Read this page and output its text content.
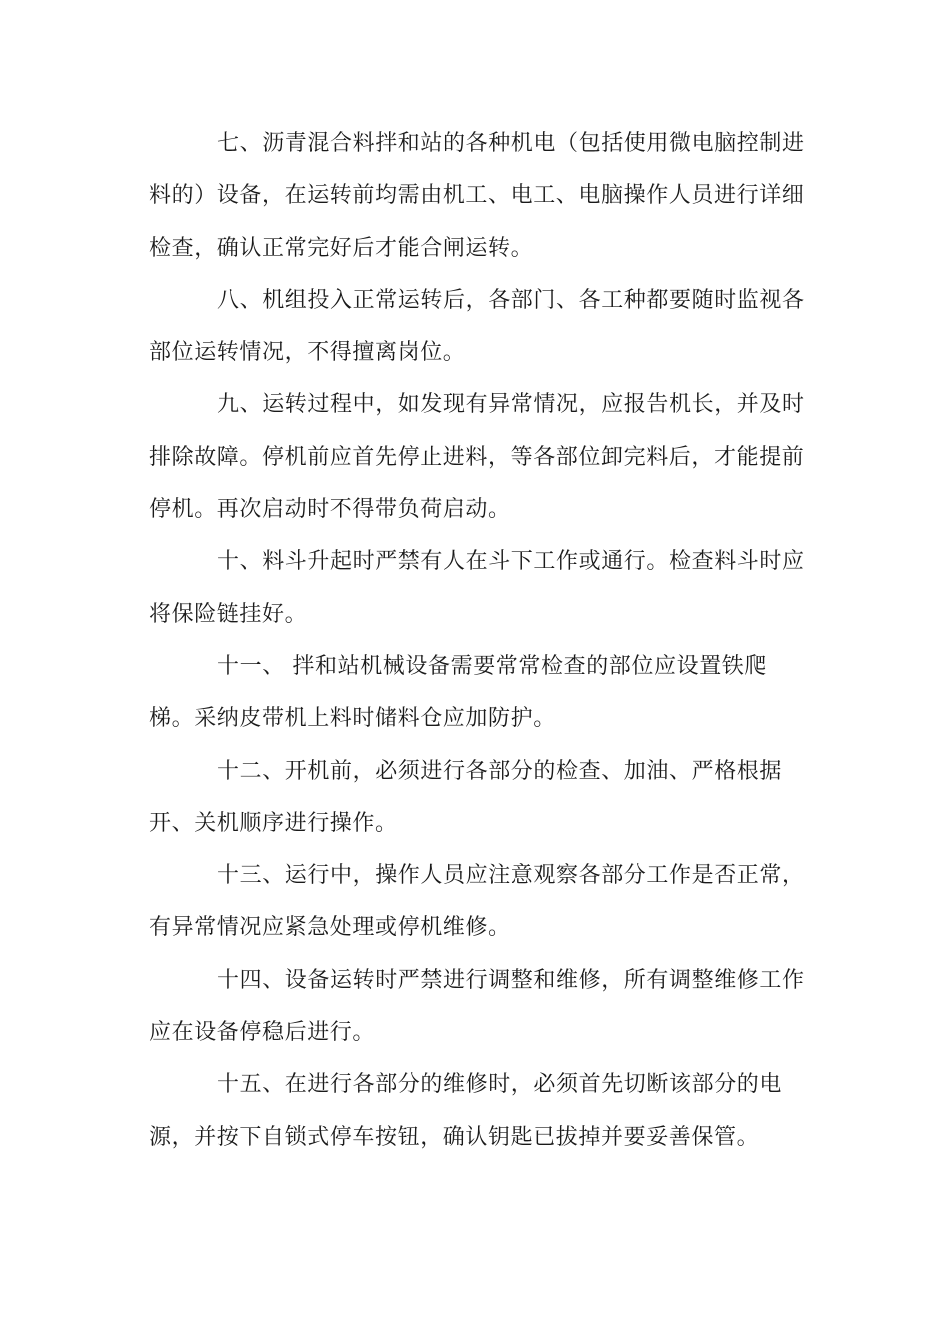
七、沥青混合料拌和站的各种机电（包括使用微电脑控制进
料的）设备，在运转前均需由机工、电工、电脑操作人员进行详细
检查，确认正常完好后才能合闸运转。
八、机组投入正常运转后，各部门、各工种都要随时监视各
部位运转情况，不得擅离岗位。
九、运转过程中，如发现有异常情况，应报告机长，并及时
排除故障。停机前应首先停止进料，等各部位卸完料后，才能提前
停机。再次启动时不得带负荷启动。
十、料斗升起时严禁有人在斗下工作或通行。检查料斗时应
将保险链挂好。
十一、 拌和站机械设备需要常常检查的部位应设置铁爬
梯。采纳皮带机上料时储料仓应加防护。
十二、开机前，必须进行各部分的检查、加油、严格根据
开、关机顺序进行操作。
十三、运行中，操作人员应注意观察各部分工作是否正常，
有异常情况应紧急处理或停机维修。
十四、设备运转时严禁进行调整和维修，所有调整维修工作
应在设备停稳后进行。
十五、在进行各部分的维修时，必须首先切断该部分的电
源，并按下自锁式停车按钮，确认钥匙已拔掉并要妥善保管。
